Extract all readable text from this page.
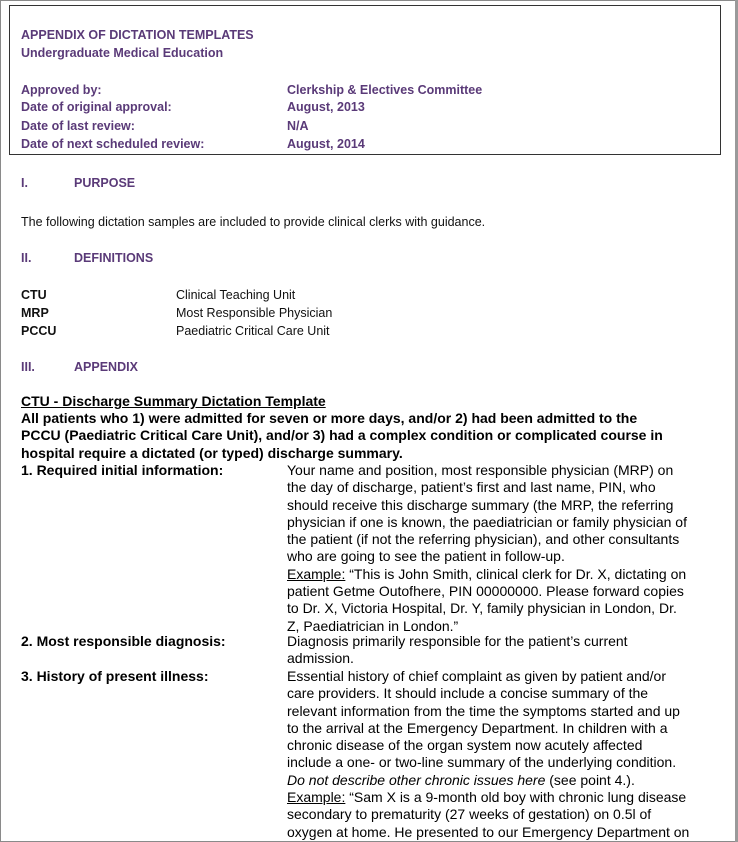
APPENDIX OF DICTATION TEMPLATES
Undergraduate Medical Education
Approved by:	Clerkship & Electives Committee
Date of original approval:	August, 2013
Date of last review:	N/A
Date of next scheduled review:	August, 2014
I.	PURPOSE
The following dictation samples are included to provide clinical clerks with guidance.
II.	DEFINITIONS
CTU	Clinical Teaching Unit
MRP	Most Responsible Physician
PCCU	Paediatric Critical Care Unit
III.	APPENDIX
CTU - Discharge Summary Dictation Template
All patients who 1) were admitted for seven or more days, and/or 2) had been admitted to the
PCCU (Paediatric Critical Care Unit), and/or 3) had a complex condition or complicated course in
hospital require a dictated (or typed) discharge summary.
1. Required initial information:	Your name and position, most responsible physician (MRP) on
the day of discharge, patient’s first and last name, PIN, who
should receive this discharge summary (the MRP, the referring
physician if one is known, the paediatrician or family physician of
the patient (if not the referring physician), and other consultants
who are going to see the patient in follow-up.
Example: “This is John Smith, clinical clerk for Dr. X, dictating on
patient Getme Outofhere, PIN 00000000. Please forward copies
to Dr. X, Victoria Hospital, Dr. Y, family physician in London, Dr.
Z, Paediatrician in London.”
2. Most responsible diagnosis:	Diagnosis primarily responsible for the patient’s current
admission.
3. History of present illness:	Essential history of chief complaint as given by patient and/or
care providers. It should include a concise summary of the
relevant information from the time the symptoms started and up
to the arrival at the Emergency Department. In children with a
chronic disease of the organ system now acutely affected
include a one- or two-line summary of the underlying condition.
Do not describe other chronic issues here (see point 4.).
Example: “Sam X is a 9-month old boy with chronic lung disease
secondary to prematurity (27 weeks of gestation) on 0.5l of
oxygen at home. He presented to our Emergency Department on
